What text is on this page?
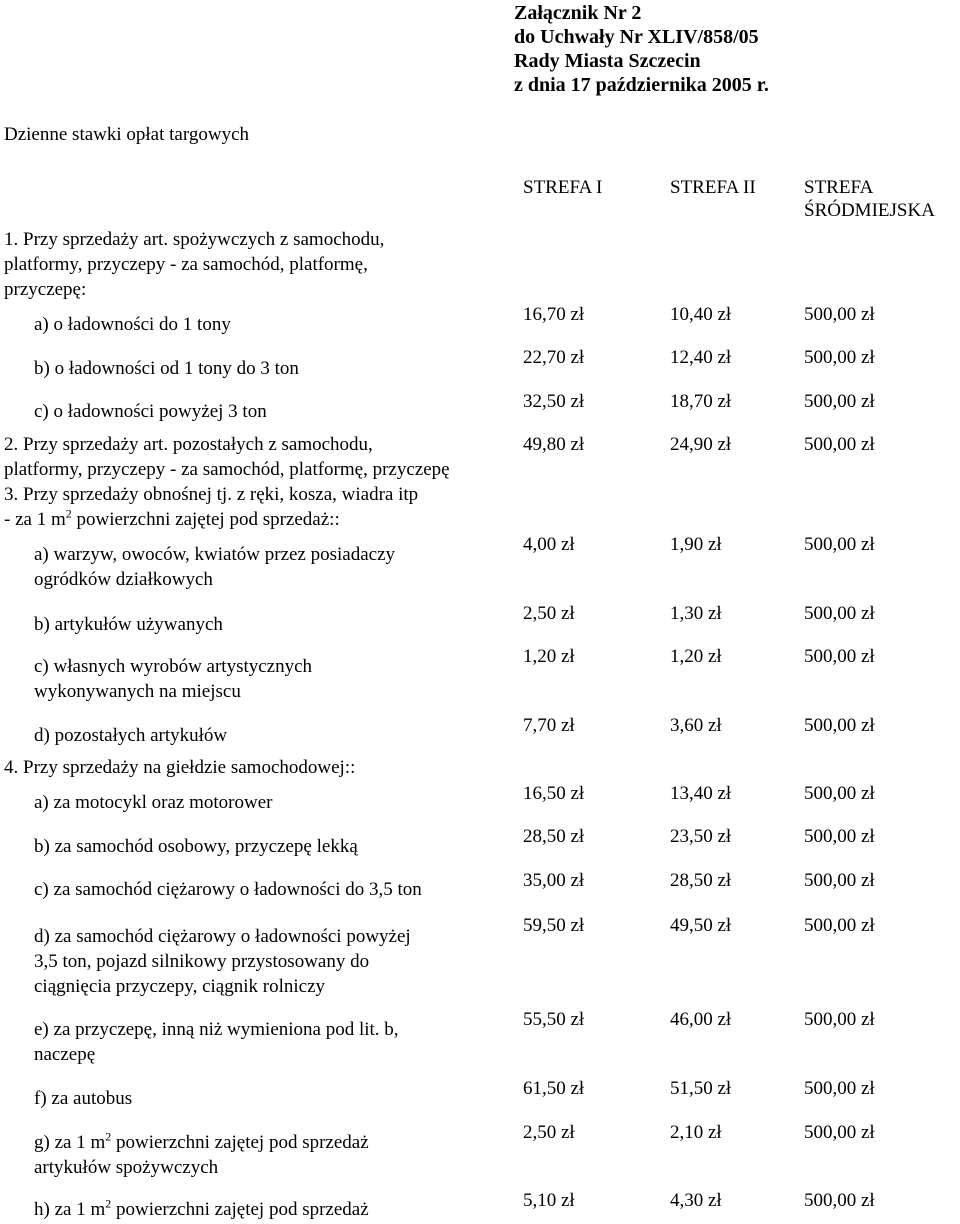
Załącznik Nr 2
do Uchwały Nr XLIV/858/05
Rady Miasta Szczecin
z dnia 17 października 2005 r.
Dzienne stawki opłat targowych
STREFA I	STREFA II	STREFA
ŚRÓDMIEJSKA
1. Przy sprzedaży art. spożywczych z samochodu,
platformy, przyczepy - za samochód, platformę,
przyczepę:
a) o ładowności do 1 tony	16,70 zł	10,40 zł	500,00 zł
b) o ładowności od 1 tony do 3 ton
22,70 zł	12,40 zł	500,00 zł
c) o ładowności powyżej 3 ton	32,50 zł	18,70 zł	500,00 zł
2. Przy sprzedaży art. pozostałych z samochodu,
platformy, przyczepy - za samochód, platformę, przyczepę
49,80 zł	24,90 zł	500,00 zł
3. Przy sprzedaży obnośnej tj. z ręki, kosza, wiadra itp
- za 1 $m^2$ powierzchni zajętej pod sprzedaż::
a) warzyw, owoców, kwiatów przez posiadaczy
ogródków działkowych
4,00 zł	1,90 zł	500,00 zł
b) artykułów używanych
2,50 zł	1,30 zł	500,00 zł
c) własnych wyrobów artystycznych
wykonywanych na miejscu
1,20 zł	1,20 zł	500,00 zł
d) pozostałych artykułów	7,70 zł	3,60 zł	500,00 zł
4. Przy sprzedaży na giełdzie samochodowej::
a) za motocykl oraz motorower	16,50 zł	13,40 zł	500,00 zł
b) za samochód osobowy, przyczepę lekką	28,50 zł	23,50 zł	500,00 zł
c) za samochód ciężarowy o ładowności do 3,5 ton	35,00 zł	28,50 zł	500,00 zł
d) za samochód ciężarowy o ładowności powyżej
3,5 ton, pojazd silnikowy przystosowany do
ciągnięcia przyczepy, ciągnik rolniczy
59,50 zł	49,50 zł	500,00 zł
e) za przyczepę, inną niż wymieniona pod lit. b,
naczepę
55,50 zł	46,00 zł	500,00 zł
f) za autobus	61,50 zł	51,50 zł	500,00 zł
g) za 1 $m^2$ powierzchni zajętej pod sprzedaż
artykułów spożywczych
2,50 zł	2,10 zł	500,00 zł
h) za 1 $m^2$ powierzchni zajętej pod sprzedaż	5,10 zł	4,30 zł	500,00 zł
